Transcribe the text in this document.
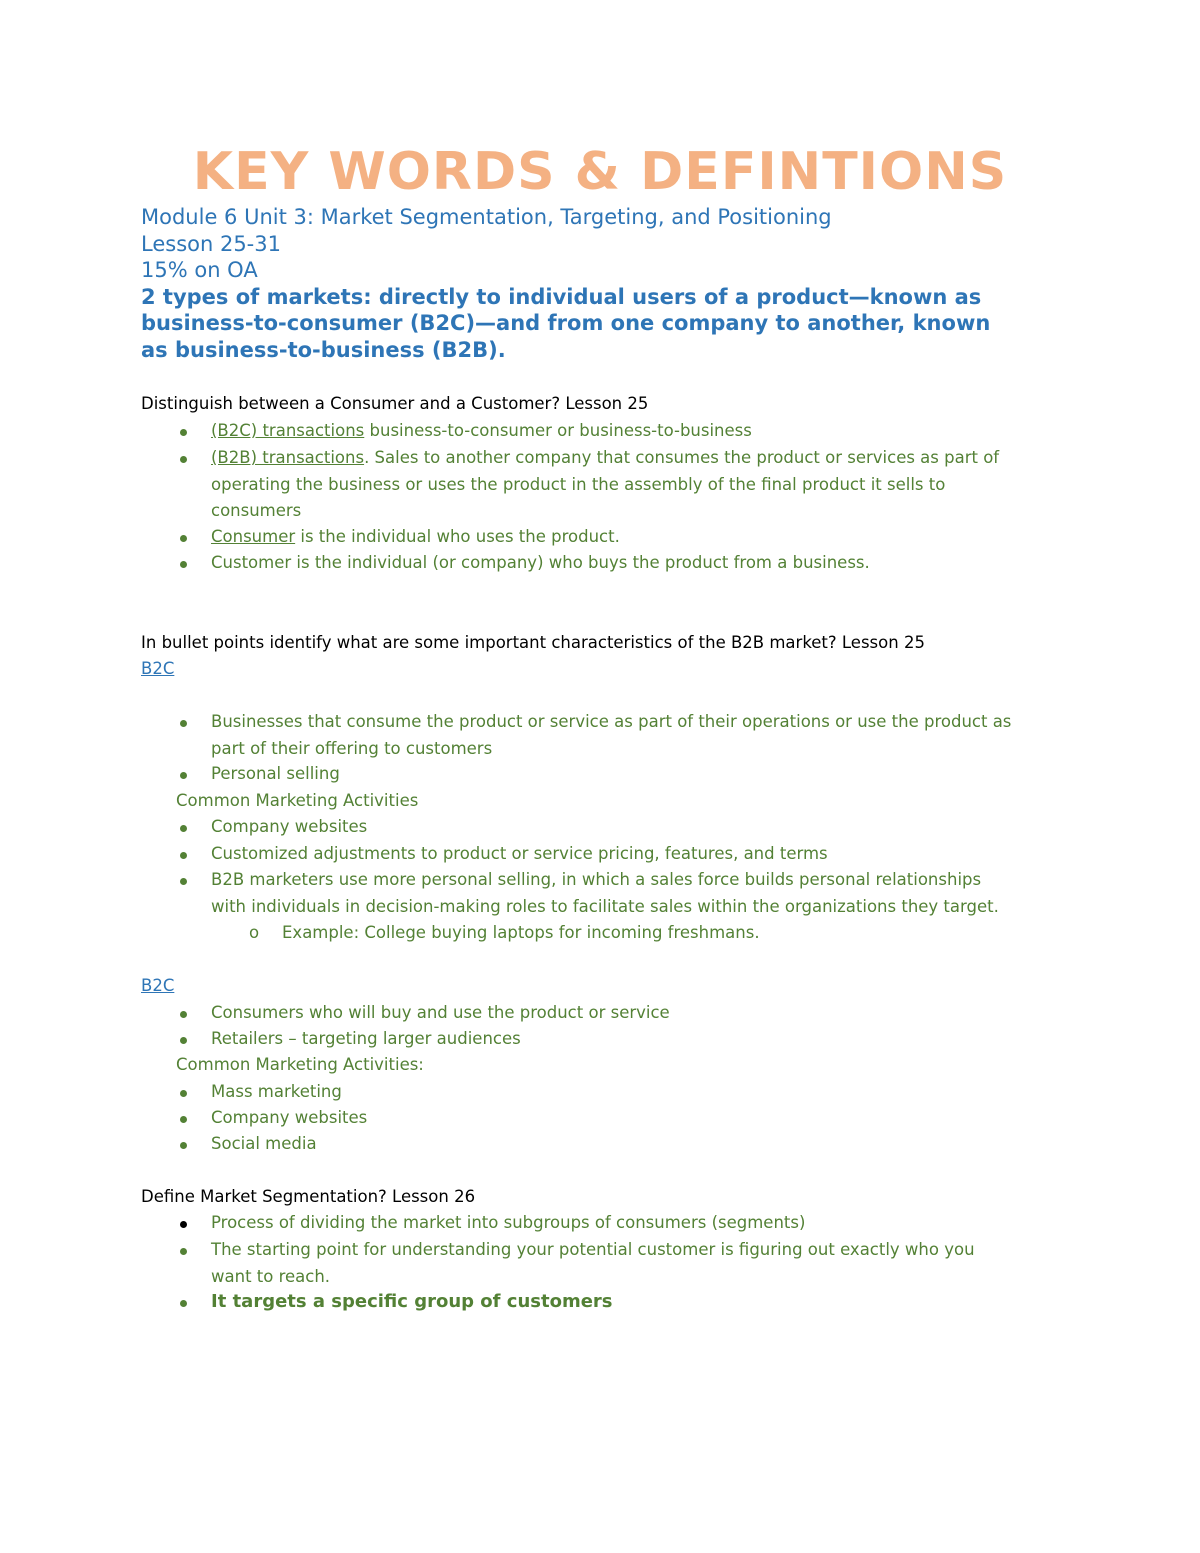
KEY WORDS & DEFINTIONS
Module 6 Unit 3: Market Segmentation, Targeting, and Positioning
Lesson 25-31
15% on OA
2 types of markets: directly to individual users of a product—known as
business-to-consumer (B2C)—and from one company to another, known
as business-to-business (B2B).
Distinguish between a Consumer and a Customer? Lesson 25
(B2C) transactions business-to-consumer or business-to-business
(B2B) transactions. Sales to another company that consumes the product or services as part of
operating the business or uses the product in the assembly of the final product it sells to
consumers
Consumer is the individual who uses the product.
Customer is the individual (or company) who buys the product from a business.
In bullet points identify what are some important characteristics of the B2B market? Lesson 25
B2C
Businesses that consume the product or service as part of their operations or use the product as
part of their offering to customers
Personal selling
Common Marketing Activities
Company websites
Customized adjustments to product or service pricing, features, and terms
B2B marketers use more personal selling, in which a sales force builds personal relationships
with individuals in decision-making roles to facilitate sales within the organizations they target.
o Example: College buying laptops for incoming freshmans.
B2C
Consumers who will buy and use the product or service
Retailers – targeting larger audiences
Common Marketing Activities:
Mass marketing
Company websites
Social media
Define Market Segmentation? Lesson 26
Process of dividing the market into subgroups of consumers (segments)
The starting point for understanding your potential customer is figuring out exactly who you
want to reach.
It targets a specific group of customers
